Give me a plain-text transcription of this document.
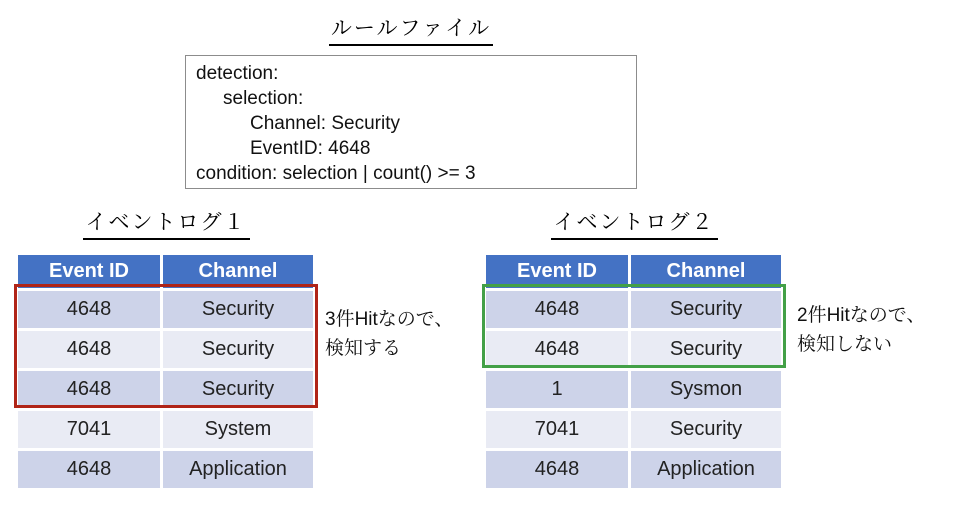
ルールファイル
detection:
selection:
Channel: Security
EventID: 4648
condition: selection | count() >= 3
イベントログ１
Event ID	Channel
4648	Security
4648	Security
4648	Security
7041	System
4648	Application
3件Hitなので、
検知する
イベントログ２
Event ID	Channel
4648	Security
4648	Security
1	Sysmon
7041	Security
4648	Application
2件Hitなので、
検知しない
